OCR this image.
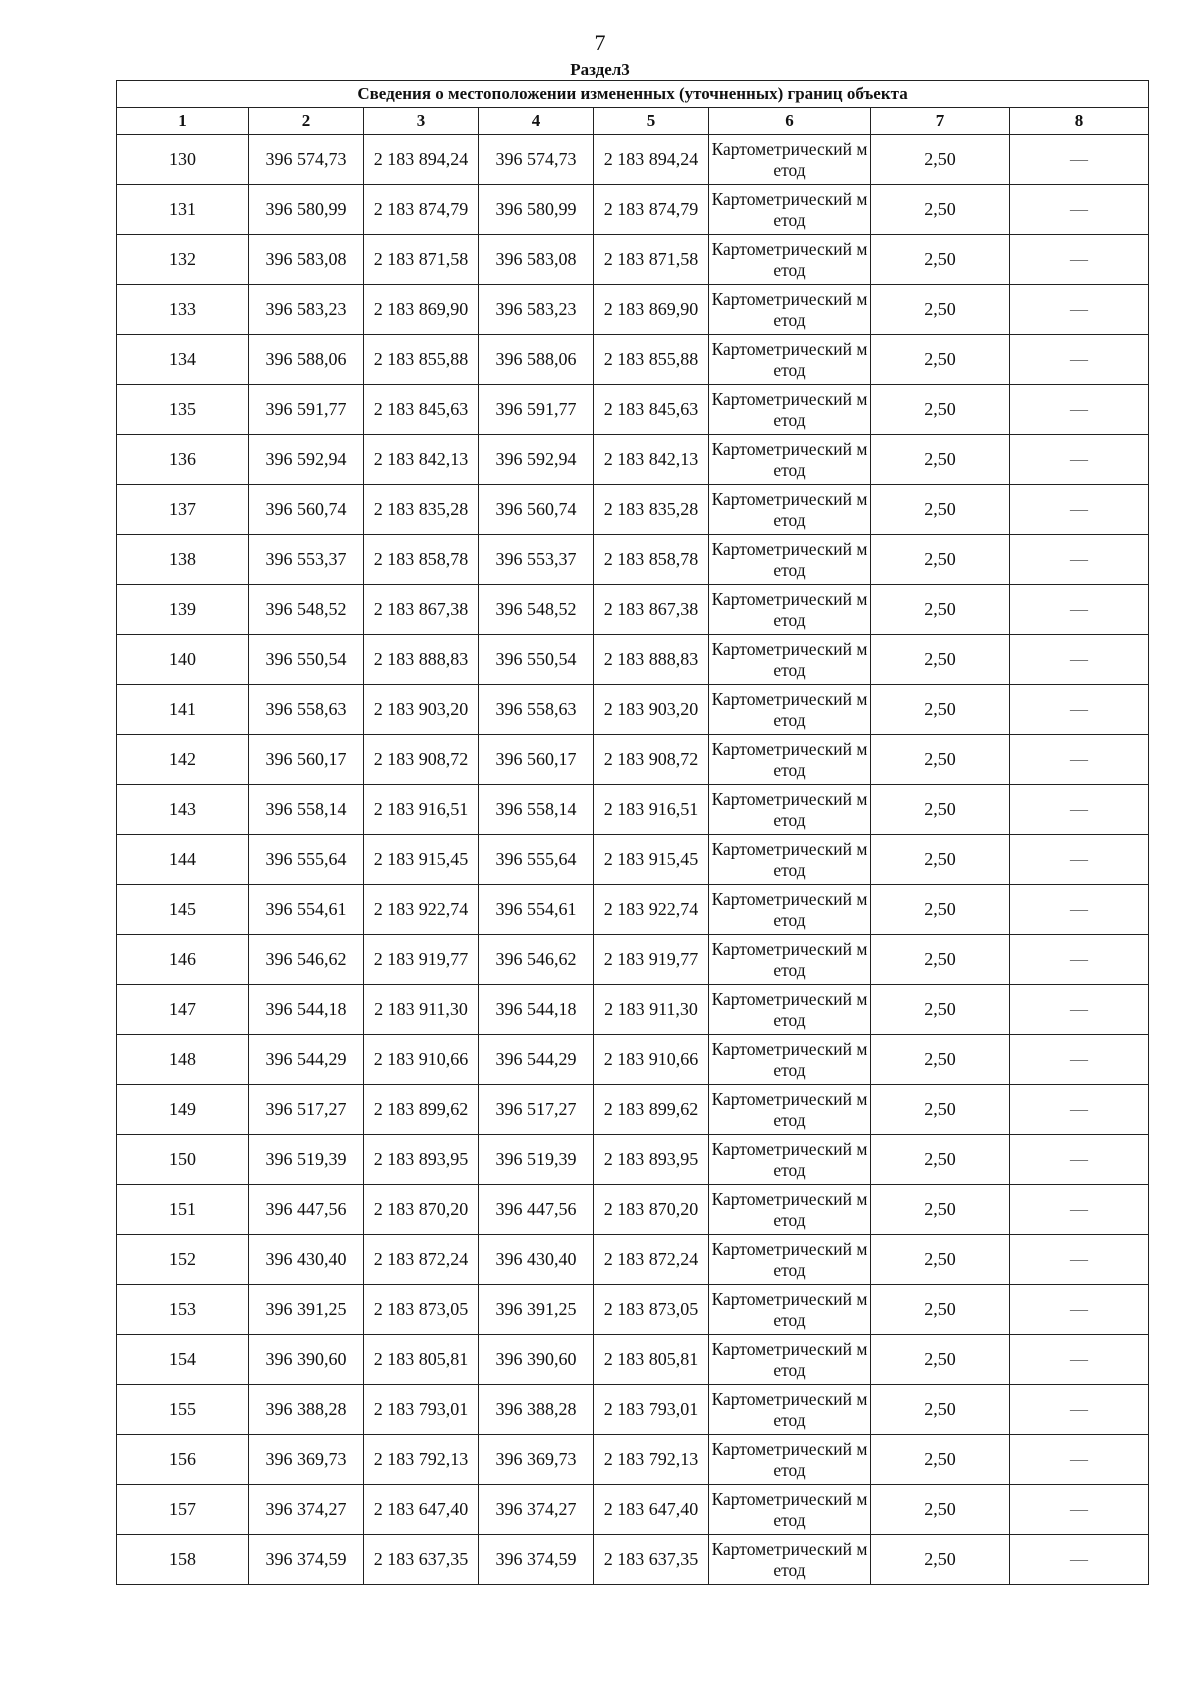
7
Раздел3
Сведения о местоположении измененных (уточненных) границ объекта							
1	2	3	4	5	6	7	8
130	396 574,73	2 183 894,24	396 574,73	2 183 894,24	Картометрический метод	2,50	—
131	396 580,99	2 183 874,79	396 580,99	2 183 874,79	Картометрический метод	2,50	—
132	396 583,08	2 183 871,58	396 583,08	2 183 871,58	Картометрический метод	2,50	—
133	396 583,23	2 183 869,90	396 583,23	2 183 869,90	Картометрический метод	2,50	—
134	396 588,06	2 183 855,88	396 588,06	2 183 855,88	Картометрический метод	2,50	—
135	396 591,77	2 183 845,63	396 591,77	2 183 845,63	Картометрический метод	2,50	—
136	396 592,94	2 183 842,13	396 592,94	2 183 842,13	Картометрический метод	2,50	—
137	396 560,74	2 183 835,28	396 560,74	2 183 835,28	Картометрический метод	2,50	—
138	396 553,37	2 183 858,78	396 553,37	2 183 858,78	Картометрический метод	2,50	—
139	396 548,52	2 183 867,38	396 548,52	2 183 867,38	Картометрический метод	2,50	—
140	396 550,54	2 183 888,83	396 550,54	2 183 888,83	Картометрический метод	2,50	—
141	396 558,63	2 183 903,20	396 558,63	2 183 903,20	Картометрический метод	2,50	—
142	396 560,17	2 183 908,72	396 560,17	2 183 908,72	Картометрический метод	2,50	—
143	396 558,14	2 183 916,51	396 558,14	2 183 916,51	Картометрический метод	2,50	—
144	396 555,64	2 183 915,45	396 555,64	2 183 915,45	Картометрический метод	2,50	—
145	396 554,61	2 183 922,74	396 554,61	2 183 922,74	Картометрический метод	2,50	—
146	396 546,62	2 183 919,77	396 546,62	2 183 919,77	Картометрический метод	2,50	—
147	396 544,18	2 183 911,30	396 544,18	2 183 911,30	Картометрический метод	2,50	—
148	396 544,29	2 183 910,66	396 544,29	2 183 910,66	Картометрический метод	2,50	—
149	396 517,27	2 183 899,62	396 517,27	2 183 899,62	Картометрический метод	2,50	—
150	396 519,39	2 183 893,95	396 519,39	2 183 893,95	Картометрический метод	2,50	—
151	396 447,56	2 183 870,20	396 447,56	2 183 870,20	Картометрический метод	2,50	—
152	396 430,40	2 183 872,24	396 430,40	2 183 872,24	Картометрический метод	2,50	—
153	396 391,25	2 183 873,05	396 391,25	2 183 873,05	Картометрический метод	2,50	—
154	396 390,60	2 183 805,81	396 390,60	2 183 805,81	Картометрический метод	2,50	—
155	396 388,28	2 183 793,01	396 388,28	2 183 793,01	Картометрический метод	2,50	—
156	396 369,73	2 183 792,13	396 369,73	2 183 792,13	Картометрический метод	2,50	—
157	396 374,27	2 183 647,40	396 374,27	2 183 647,40	Картометрический метод	2,50	—
158	396 374,59	2 183 637,35	396 374,59	2 183 637,35	Картометрический метод	2,50	—
